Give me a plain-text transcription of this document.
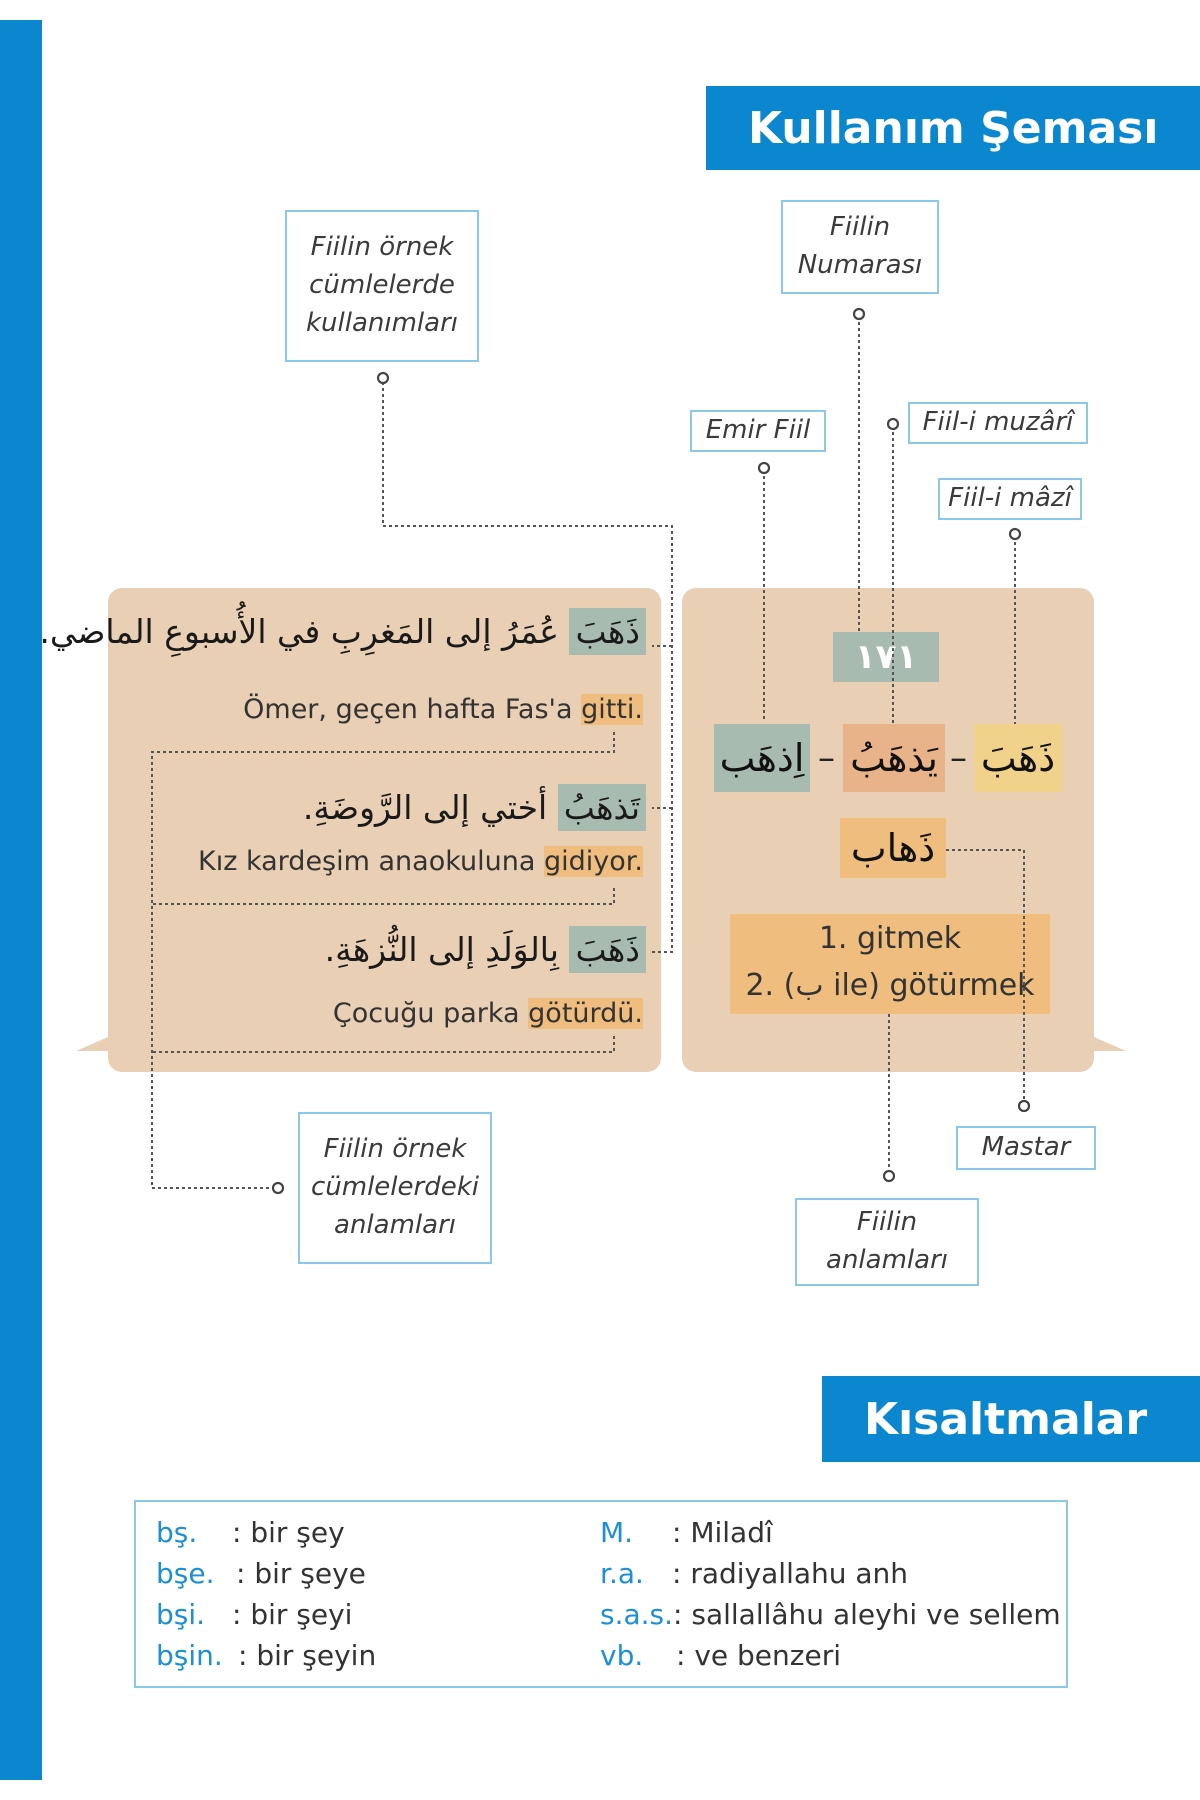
Kullanım Şeması
Fiilin örnek
cümlelerde
kullanımları
Fiilin
Numarası
Emir Fiil	Fiil-i muzârî
Fiil-i mâzî
Fiilin örnek
cümlelerdeki
anlamları
Mastar
Fiilin
anlamları
ذَهَبَ عُمَرُ إلى المَغرِبِ في الأُسبوعِ الماضي.
Ömer, geçen hafta Fas'a gitti.
تَذهَبُ أختي إلى الرَّوضَةِ.
Kız kardeşim anaokuluna gidiyor.
ذَهَبَ بِالوَلَدِ إلى النُّزهَةِ.
Çocuğu parka götürdü.
١٧١
ذَهَبَ
–
يَذهَبُ
–
اِذهَب
ذَهاب
1. gitmek
2. (ب ile) götürmek
Kısaltmalar
bş. : bir şey
bşe. : bir şeye
bşi. : bir şeyi
bşin. : bir şeyin
M. : Miladî
r.a. : radiyallahu anh
s.a.s.: sallallâhu aleyhi ve sellem
vb. : ve benzeri
